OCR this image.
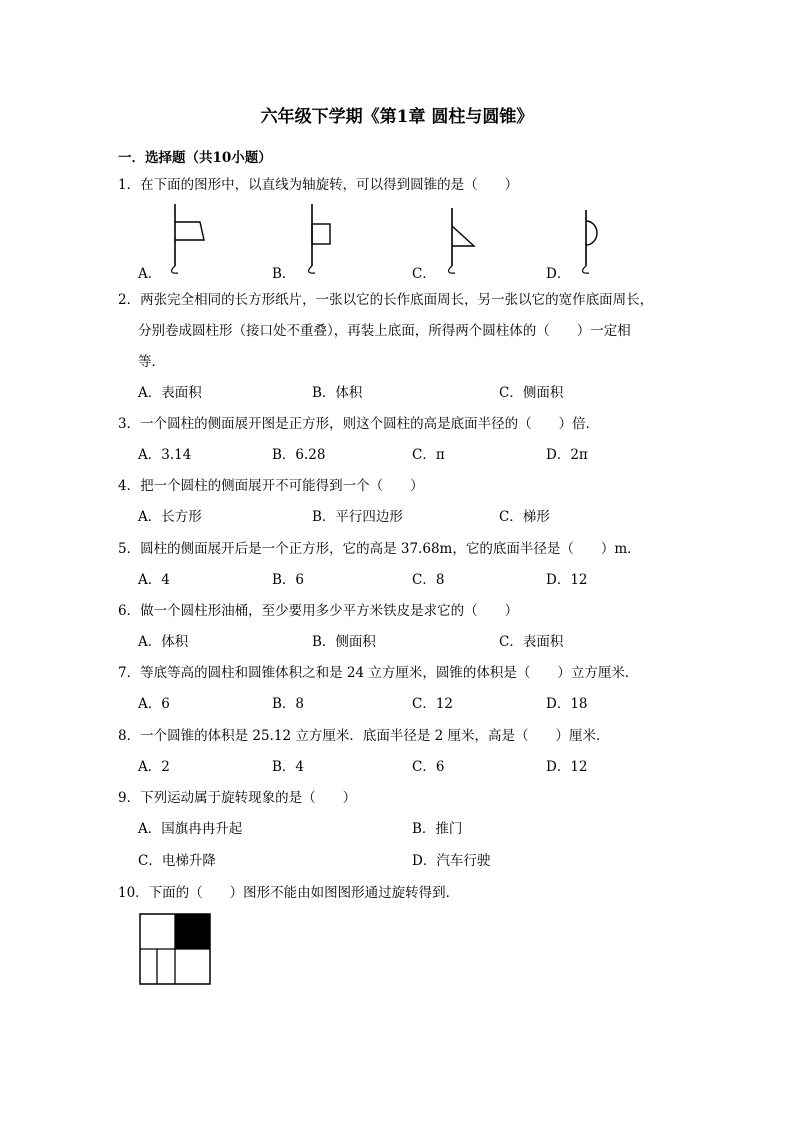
六年级下学期《第1章 圆柱与圆锥》
一．选择题（共10小题）
1．在下面的图形中，以直线为轴旋转，可以得到圆锥的是（　　）
A．	B．	C．	D．
2．两张完全相同的长方形纸片，一张以它的长作底面周长，另一张以它的宽作底面周长，
分别卷成圆柱形（接口处不重叠），再装上底面，所得两个圆柱体的（　　）一定相
等．
A．表面积	B．体积	C．侧面积
3．一个圆柱的侧面展开图是正方形，则这个圆柱的高是底面半径的（　　）倍．
A．3.14	B．6.28	C．π	D．2π
4．把一个圆柱的侧面展开不可能得到一个（　　）
A．长方形	B．平行四边形	C．梯形
5．圆柱的侧面展开后是一个正方形，它的高是 37.68m，它的底面半径是（　　）m．
A．4	B．6	C．8	D．12
6．做一个圆柱形油桶，至少要用多少平方米铁皮是求它的（　　）
A．体积	B．侧面积	C．表面积
7．等底等高的圆柱和圆锥体积之和是 24 立方厘米，圆锥的体积是（　　）立方厘米．
A．6	B．8	C．12	D．18
8．一个圆锥的体积是 25.12 立方厘米．底面半径是 2 厘米，高是（　　）厘米．
A．2	B．4	C．6	D．12
9．下列运动属于旋转现象的是（　　）
A．国旗冉冉升起	B．推门
C．电梯升降	D．汽车行驶
10．下面的（　　）图形不能由如图图形通过旋转得到．
